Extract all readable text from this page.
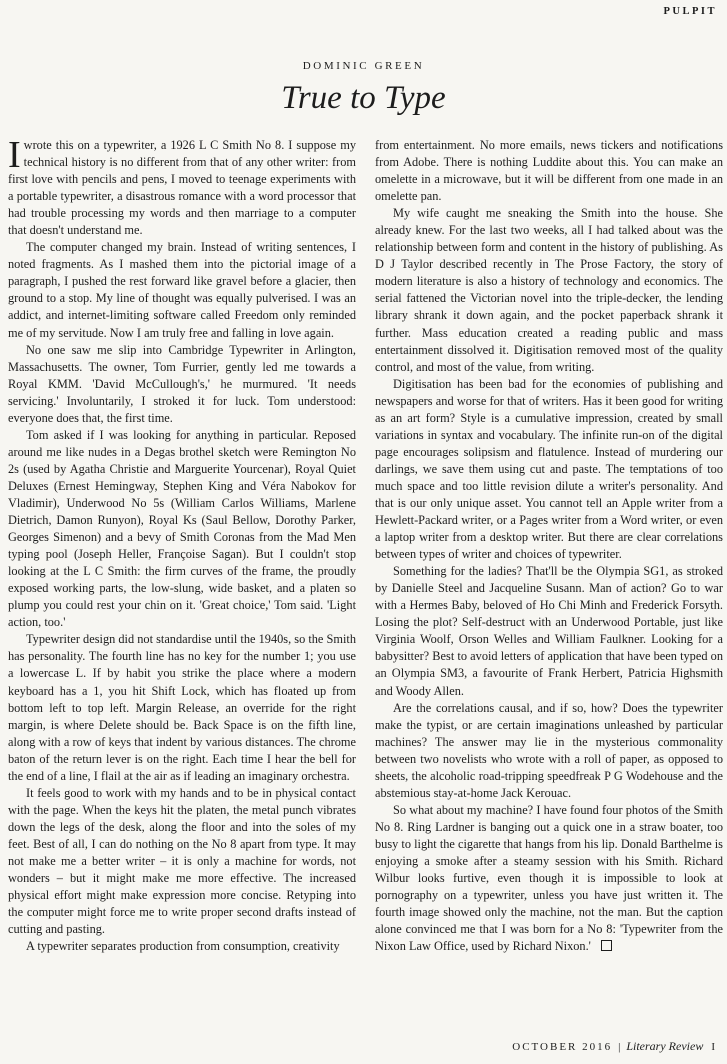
PULPIT
DOMINIC GREEN
True to Type

Iwrote this on a typewriter, a 1926 L C Smith No 8. I suppose my technical history is no different from that of any other writer: from first love with pencils and pens, I moved to teenage experiments with a portable typewriter, a disastrous romance with a word processor that had trouble processing my words and then marriage to a computer that doesn't understand me.

The computer changed my brain. Instead of writing sentences, I noted fragments. As I mashed them into the pictorial image of a paragraph, I pushed the rest forward like gravel before a glacier, then ground to a stop. My line of thought was equally pulverised. I was an addict, and internet-limiting software called Freedom only reminded me of my servitude. Now I am truly free and falling in love again.

No one saw me slip into Cambridge Typewriter in Arlington, Massachusetts. The owner, Tom Furrier, gently led me towards a Royal KMM. 'David McCullough's,' he murmured. 'It needs servicing.' Involuntarily, I stroked it for luck. Tom understood: everyone does that, the first time.

Tom asked if I was looking for anything in particular. Reposed around me like nudes in a Degas brothel sketch were Remington No 2s (used by Agatha Christie and Marguerite Yourcenar), Royal Quiet Deluxes (Ernest Hemingway, Stephen King and Véra Nabokov for Vladimir), Underwood No 5s (William Carlos Williams, Marlene Dietrich, Damon Runyon), Royal Ks (Saul Bellow, Dorothy Parker, Georges Simenon) and a bevy of Smith Coronas from the Mad Men typing pool (Joseph Heller, Françoise Sagan). But I couldn't stop looking at the L C Smith: the firm curves of the frame, the proudly exposed working parts, the low-slung, wide basket, and a platen so plump you could rest your chin on it. 'Great choice,' Tom said. 'Light action, too.'

Typewriter design did not standardise until the 1940s, so the Smith has personality. The fourth line has no key for the number 1; you use a lowercase L. If by habit you strike the place where a modern keyboard has a 1, you hit Shift Lock, which has floated up from bottom left to top left. Margin Release, an override for the right margin, is where Delete should be. Back Space is on the fifth line, along with a row of keys that indent by various distances. The chrome baton of the return lever is on the right. Each time I hear the bell for the end of a line, I flail at the air as if leading an imaginary orchestra.

It feels good to work with my hands and to be in physical contact with the page. When the keys hit the platen, the metal punch vibrates down the legs of the desk, along the floor and into the soles of my feet. Best of all, I can do nothing on the No 8 apart from type. It may not make me a better writer – it is only a machine for words, not wonders – but it might make me more effective. The increased physical effort might make expression more concise. Retyping into the computer might force me to write proper second drafts instead of cutting and pasting.

A typewriter separates production from consumption, creativity

from entertainment. No more emails, news tickers and notifications from Adobe. There is nothing Luddite about this. You can make an omelette in a microwave, but it will be different from one made in an omelette pan.

My wife caught me sneaking the Smith into the house. She already knew. For the last two weeks, all I had talked about was the relationship between form and content in the history of publishing. As D J Taylor described recently in The Prose Factory, the story of modern literature is also a history of technology and economics. The serial fattened the Victorian novel into the triple-decker, the lending library shrank it down again, and the pocket paperback shrank it further. Mass education created a reading public and mass entertainment dissolved it. Digitisation removed most of the quality control, and most of the value, from writing.

Digitisation has been bad for the economies of publishing and newspapers and worse for that of writers. Has it been good for writing as an art form? Style is a cumulative impression, created by small variations in syntax and vocabulary. The infinite run-on of the digital page encourages solipsism and flatulence. Instead of murdering our darlings, we save them using cut and paste. The temptations of too much space and too little revision dilute a writer's personality. And that is our only unique asset. You cannot tell an Apple writer from a Hewlett-Packard writer, or a Pages writer from a Word writer, or even a laptop writer from a desktop writer. But there are clear correlations between types of writer and choices of typewriter.

Something for the ladies? That'll be the Olympia SG1, as stroked by Danielle Steel and Jacqueline Susann. Man of action? Go to war with a Hermes Baby, beloved of Ho Chi Minh and Frederick Forsyth. Losing the plot? Self-destruct with an Underwood Portable, just like Virginia Woolf, Orson Welles and William Faulkner. Looking for a babysitter? Best to avoid letters of application that have been typed on an Olympia SM3, a favourite of Frank Herbert, Patricia Highsmith and Woody Allen.

Are the correlations causal, and if so, how? Does the typewriter make the typist, or are certain imaginations unleashed by particular machines? The answer may lie in the mysterious commonality between two novelists who wrote with a roll of paper, as opposed to sheets, the alcoholic road-tripping speedfreak P G Wodehouse and the abstemious stay-at-home Jack Kerouac.

So what about my machine? I have found four photos of the Smith No 8. Ring Lardner is banging out a quick one in a straw boater, too busy to light the cigarette that hangs from his lip. Donald Barthelme is enjoying a smoke after a steamy session with his Smith. Richard Wilbur looks furtive, even though it is impossible to look at pornography on a typewriter, unless you have just written it. The fourth image showed only the machine, not the man. But the caption alone convinced me that I was born for a No 8: 'Typewriter from the Nixon Law Office, used by Richard Nixon.'

OCTOBER 2016 | Literary Review I
